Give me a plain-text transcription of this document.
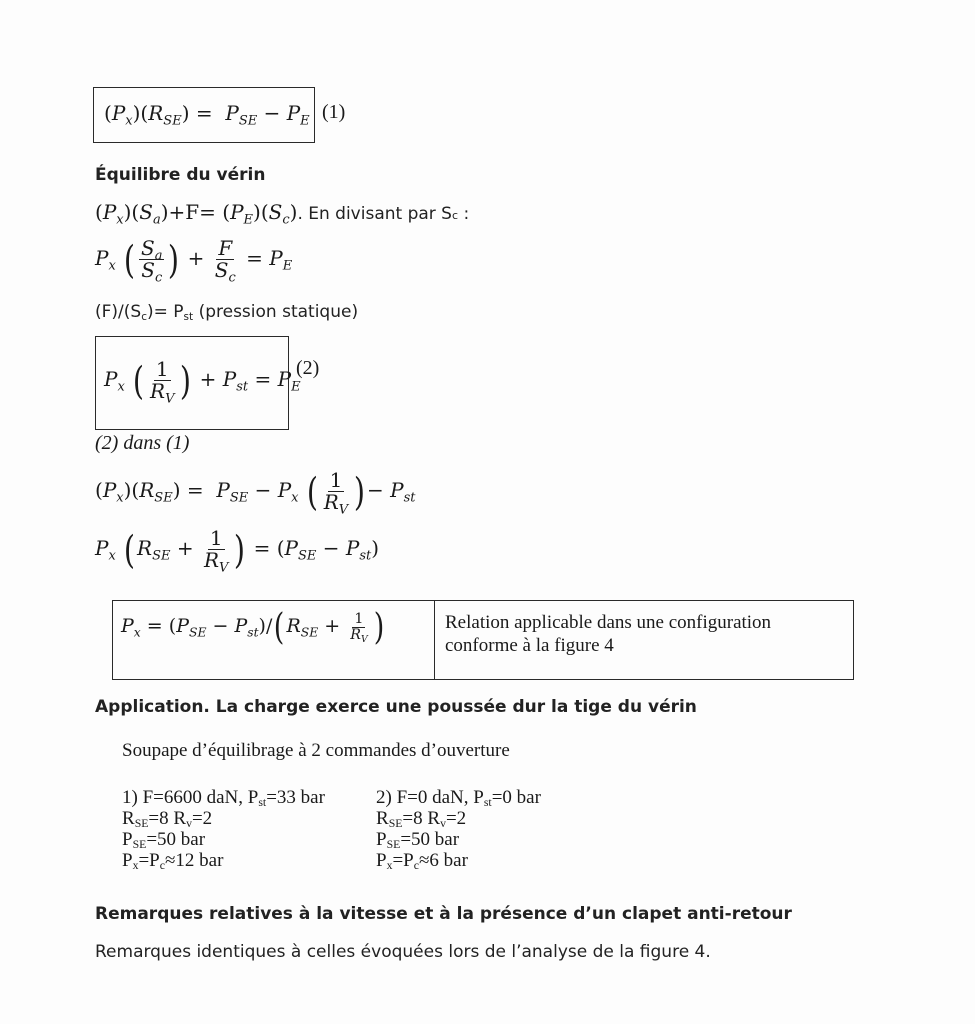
$(P_x)(R_{SE}) = P_{SE} - P_E$ (1)
Équilibre du vérin
$(P_x)(S_a)+F= (P_E)(S_c)$. En divisant par Sc :
$P_x$ ( $\frac{S_a}{S_c}$ ) + $\frac{F}{S_c} = P_E$
$(F)/(S_c)= P_{st}$ (pression statique)
$P_x$ ( $\frac{1}{R_V}$ ) + $P_{st} = P_E$
(2)
(2) dans (1)
$(P_x)(R_{SE}) = P_{SE} - P_x$ ( $\frac{1}{R_V}$ )− $P_{st}$
$P_x$ ($R_{SE} + \frac{1}{R_V}$ ) = $(P_{SE} - P_{st})$
$P_x = (P_{SE} - P_{st})/(R_{SE} + \frac{1}{R_V}$ )	Relation applicable dans une configuration
conforme à la figure 4
Application. La charge exerce une poussée dur la tige du vérin
Soupape d’équilibrage à 2 commandes d’ouverture
1) F=6600 daN, $P_{st}=33$ bar
$R_{SE}=8$ $R_v=2$
$P_{SE}=50$ bar
$P_x=P_c\approx 12$ bar
2) F=0 daN, $P_{st}=0$ bar
$R_{SE}=8$ $R_v=2$
$P_{SE}=50$ bar
$P_x=P_c\approx 6$ bar
Remarques relatives à la vitesse et à la présence d’un clapet anti-retour
Remarques identiques à celles évoquées lors de l’analyse de la figure 4.
